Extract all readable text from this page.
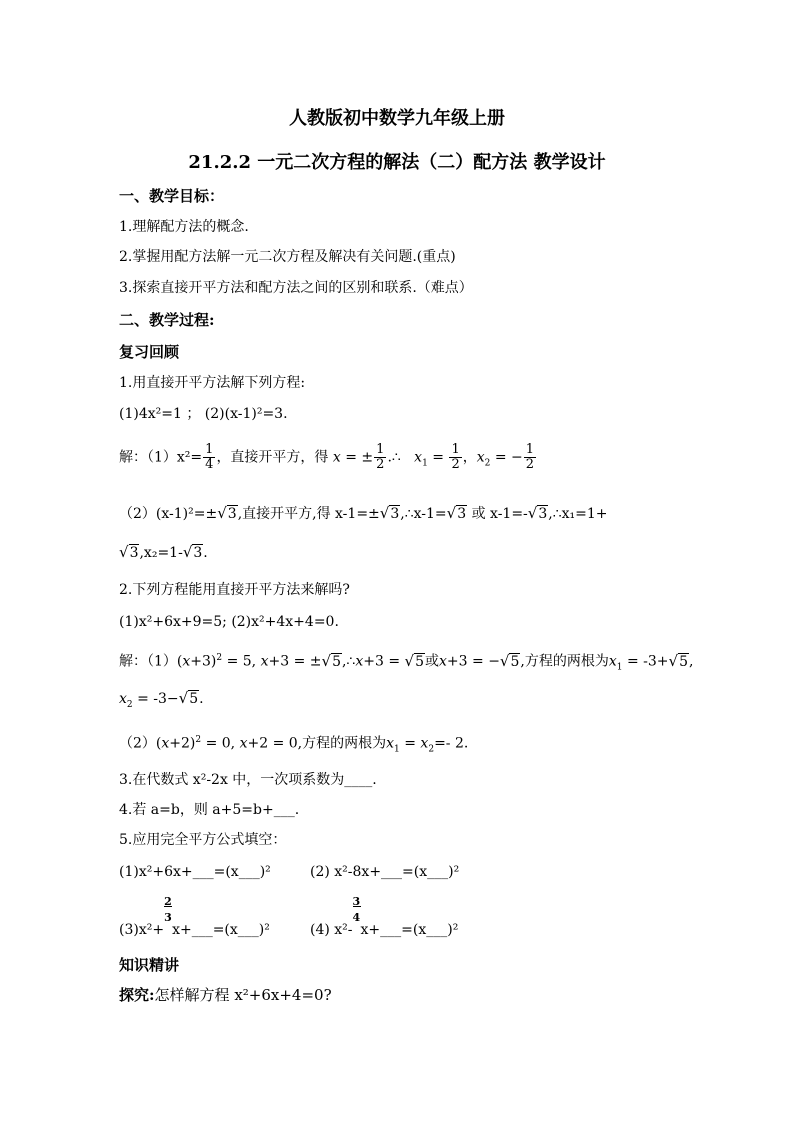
人教版初中数学九年级上册
21.2.2 一元二次方程的解法（二）配方法 教学设计
一、教学目标：
1.理解配方法的概念.
2.掌握用配方法解一元二次方程及解决有关问题.(重点)
3.探索直接开平方法和配方法之间的区别和联系.（难点）
二、教学过程:
复习回顾
1.用直接开平方法解下列方程:
(1)4x²=1 ； (2)(x-1)²=3.
解：$(1)x^2= \frac{1}{4}$ ，直接开平方，得 x = ± $\frac{1}{2}$ .∴   $x_1 = \frac{1}{2}$ ，$x_2$ = − $\frac{1}{2}$
（2）(x-1)²=±√3,直接开平方,得 x-1=±√3,∴x-1=√3 或 x-1=-√3,∴x₁=1+
√3,x₂=1-√3.
2.下列方程能用直接开平方法来解吗?
(1)x²+6x+9=5; (2)x²+4x+4=0.
解：$(1)(x+3)^2 = 5$, x+3 = ±√5,∴x+3 = √5或x+3 = −√5,方程的两根为$x_1 = -3+√5$,
$x_2 = -3-√5$.
$(2)(x+2)^2 = 0$, x+2 = 0,方程的两根为$x_1 = x_2=-$ 2.
3.在代数式 x²-2x 中，一次项系数为____.
4.若 a=b，则 a+5=b+___.
5.应用完全平方公式填空：
(1)x²+6x+___=(x___)²	(2) x²-8x+___=(x___)²
$(3)x^2+ \frac{2}{3}$ x+___=(x___)²	(4) $x^2- \frac{3}{4}$ x+___=(x___)²
知识精讲
探究:怎样解方程 x²+6x+4=0?
